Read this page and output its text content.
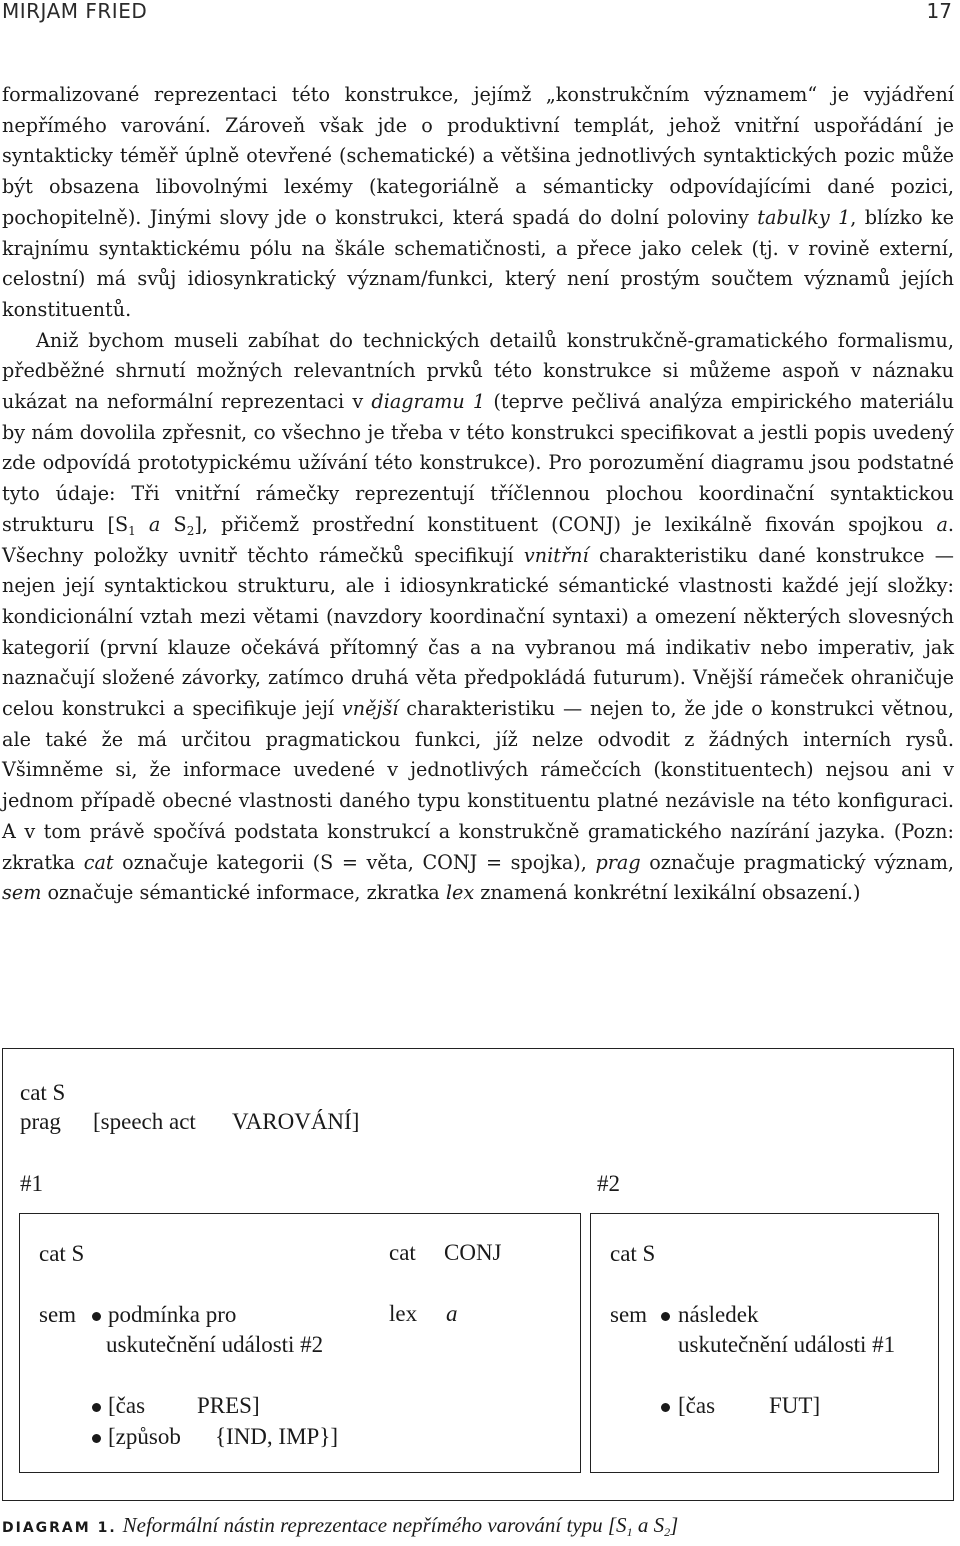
MIRJAM FRIED	17

formalizované reprezentaci této konstrukce, jejímž „konstrukčním významem“ je vyjádření nepřímého varování. Zároveň však jde o produktivní templát, jehož vnitřní uspořádání je syntakticky téměř úplně otevřené (schematické) a většina jednotlivých syntaktických pozic může být obsazena libovolnými lexémy (kategoriálně a sémanticky odpovídajícími dané pozici, pochopitelně). Jinými slovy jde o konstrukci, která spadá do dolní poloviny tabulky 1, blízko ke krajnímu syntaktickému pólu na škále schematičnosti, a přece jako celek (tj. v rovině externí, celostní) má svůj idiosynkratický význam/funkci, který není prostým součtem významů jejích konstituentů.

Aniž bychom museli zabíhat do technických detailů konstrukčně-gramatického formalismu, předběžné shrnutí možných relevantních prvků této konstrukce si můžeme aspoň v náznaku ukázat na neformální reprezentaci v diagramu 1 (teprve pečlivá analýza empirického materiálu by nám dovolila zpřesnit, co všechno je třeba v této konstrukci specifikovat a jestli popis uvedený zde odpovídá prototypickému užívání této konstrukce). Pro porozumění diagramu jsou podstatné tyto údaje: Tři vnitřní rámečky reprezentují tříčlennou plochou koordinační syntaktickou strukturu [$S_1$ a $S_2$], přičemž prostřední konstituent (CONJ) je lexikálně fixován spojkou a. Všechny položky uvnitř těchto rámečků specifikují vnitřní charakteristiku dané konstrukce — nejen její syntaktickou strukturu, ale i idiosynkratické sémantické vlastnosti každé její složky: kondicionální vztah mezi větami (navzdory koordinační syntaxi) a omezení některých slovesných kategorií (první klauze očekává přítomný čas a na vybranou má indikativ nebo imperativ, jak naznačují složené závorky, zatímco druhá věta předpokládá futurum). Vnější rámeček ohraničuje celou konstrukci a specifikuje její vnější charakteristiku — nejen to, že jde o konstrukci větnou, ale také že má určitou pragmatickou funkci, jíž nelze odvodit z žádných interních rysů. Všimněme si, že informace uvedené v jednotlivých rámečcích (konstituentech) nejsou ani v jednom případě obecné vlastnosti daného typu konstituentu platné nezávisle na této konfiguraci. A v tom právě spočívá podstata konstrukcí a konstrukčně gramatického nazírání jazyka. (Pozn: zkratka cat označuje kategorii (S = věta, CONJ = spojka), prag označuje pragmatický význam, sem označuje sémantické informace, zkratka lex znamená konkrétní lexikální obsazení.)

cat S
prag [speech act VAROVÁNÍ]
#1	#2
cat S
sem podmínka pro
uskutečnění události #2
[čas PRES]
[způsob {IND, IMP}]
cat CONJ
lex a
cat S
sem následek
uskutečnění události #1
[čas FUT]
DIAGRAM 1. Neformální nástin reprezentace nepřímého varování typu [$S_1$ a $S_2$]
